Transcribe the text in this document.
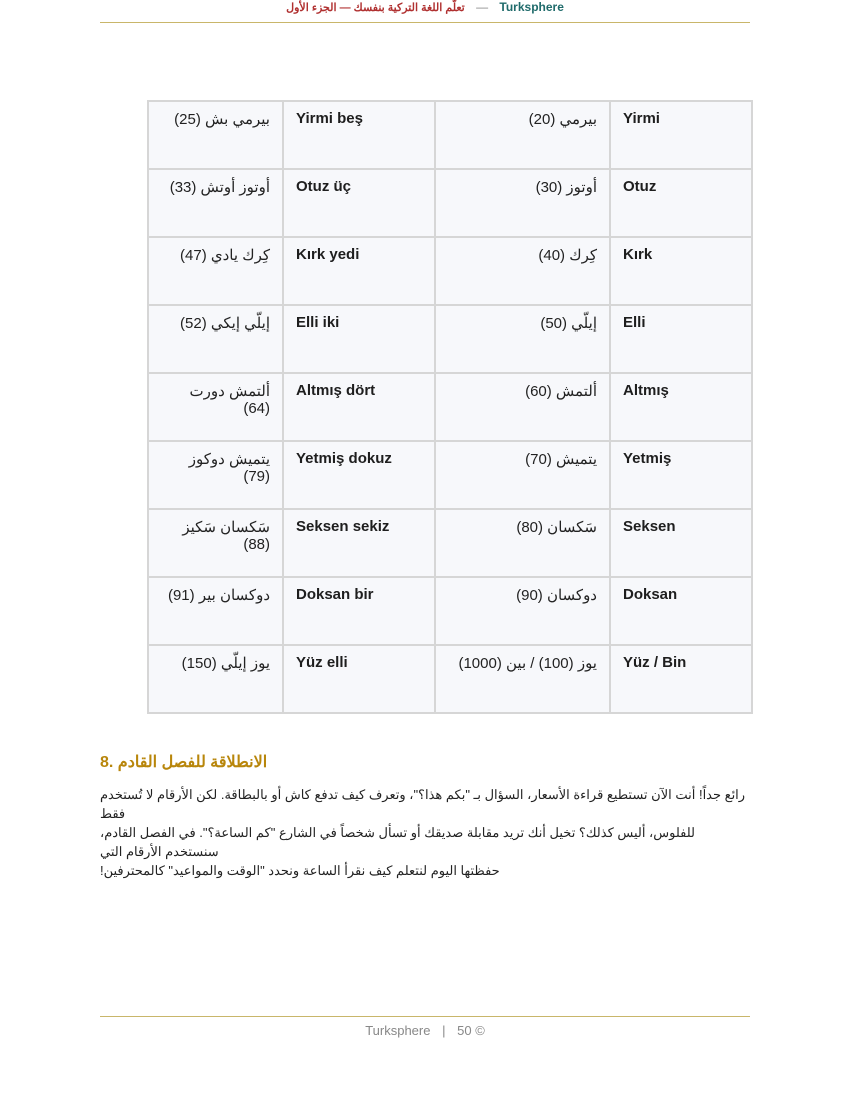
تعلّم اللغة التركية بنفسك — الجزء الأول — Turksphere
بيرمي بش (25)	Yirmi beş	بيرمي (20)	Yirmi
أوتوز أوتش (33)	Otuz üç	أوتوز (30)	Otuz
كِرك يادي (47)	Kırk yedi	كِرك (40)	Kırk
إيلّي إيكي (52)	Elli iki	إيلّي (50)	Elli
ألتمش دورت (64)	Altmış dört	ألتمش (60)	Altmış
يتميش دوكوز (79)	Yetmiş dokuz	يتميش (70)	Yetmiş
سَكسان سَكيز (88)	Seksen sekiz	سَكسان (80)	Seksen
دوكسان بير (91)	Doksan bir	دوكسان (90)	Doksan
يوز إيلّي (150)	Yüz elli	يوز (100) / بين (1000)	Yüz / Bin
8. الانطلاقة للفصل القادم
رائع جداً! أنت الآن تستطيع قراءة الأسعار، السؤال بـ "بكم هذا؟"، وتعرف كيف تدفع كاش أو بالبطاقة. لكن الأرقام لا تُستخدم فقط
للفلوس، أليس كذلك؟ تخيل أنك تريد مقابلة صديقك أو تسأل شخصاً في الشارع "كم الساعة؟". في الفصل القادم، سنستخدم الأرقام التي
حفظتها اليوم لنتعلم كيف نقرأ الساعة ونحدد "الوقت والمواعيد" كالمحترفين!
Turksphere | 50 ©
